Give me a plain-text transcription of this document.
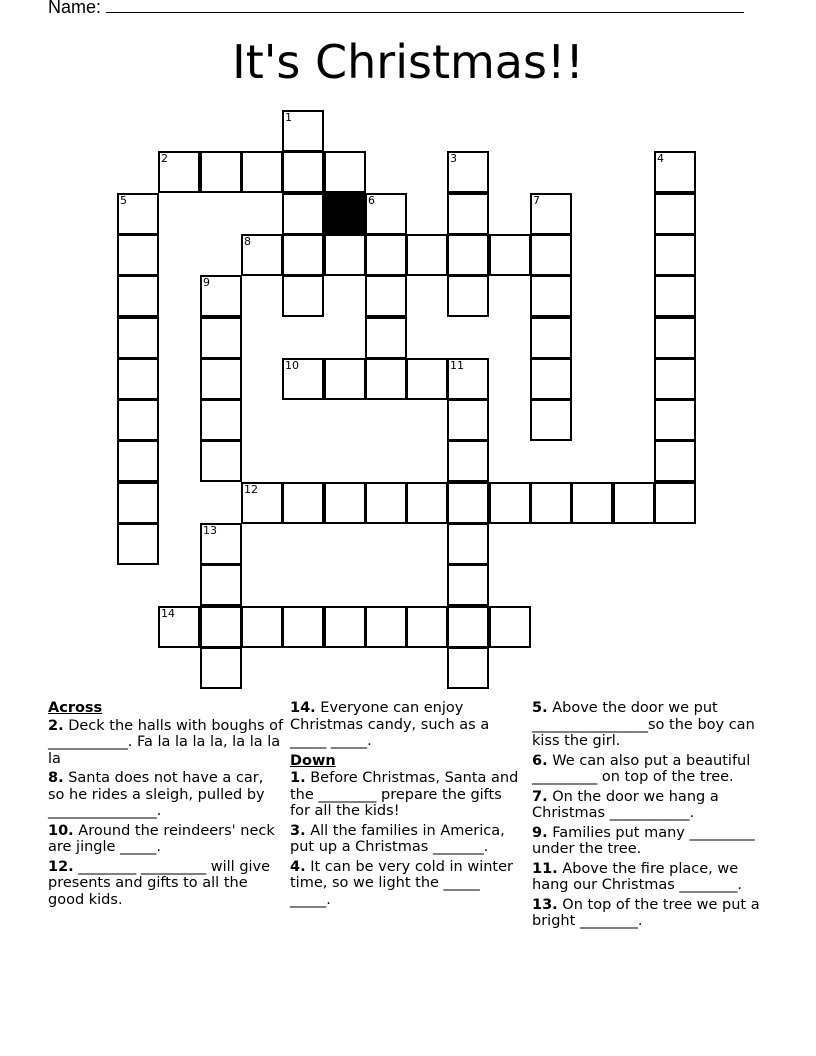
Name:
It's Christmas!!
1
2	3	4
5	6	7
8
9
10	11
12
13
14
Across
2. Deck the halls with boughs of ___________. Fa la la la la, la la la la
8. Santa does not have a car, so he rides a sleigh, pulled by _______________.
10. Around the reindeers' neck are jingle _____.
12. ________ _________ will give presents and gifts to all the good kids.
14. Everyone can enjoy Christmas candy, such as a _____ _____.
Down
1. Before Christmas, Santa and the ________ prepare the gifts for all the kids!
3. All the families in America, put up a Christmas _______.
4. It can be very cold in winter time, so we light the _____ _____.
5. Above the door we put ________________so the boy can kiss the girl.
6. We can also put a beautiful _________ on top of the tree.
7. On the door we hang a Christmas ___________.
9. Families put many _________ under the tree.
11. Above the fire place, we hang our Christmas ________.
13. On top of the tree we put a bright ________.
